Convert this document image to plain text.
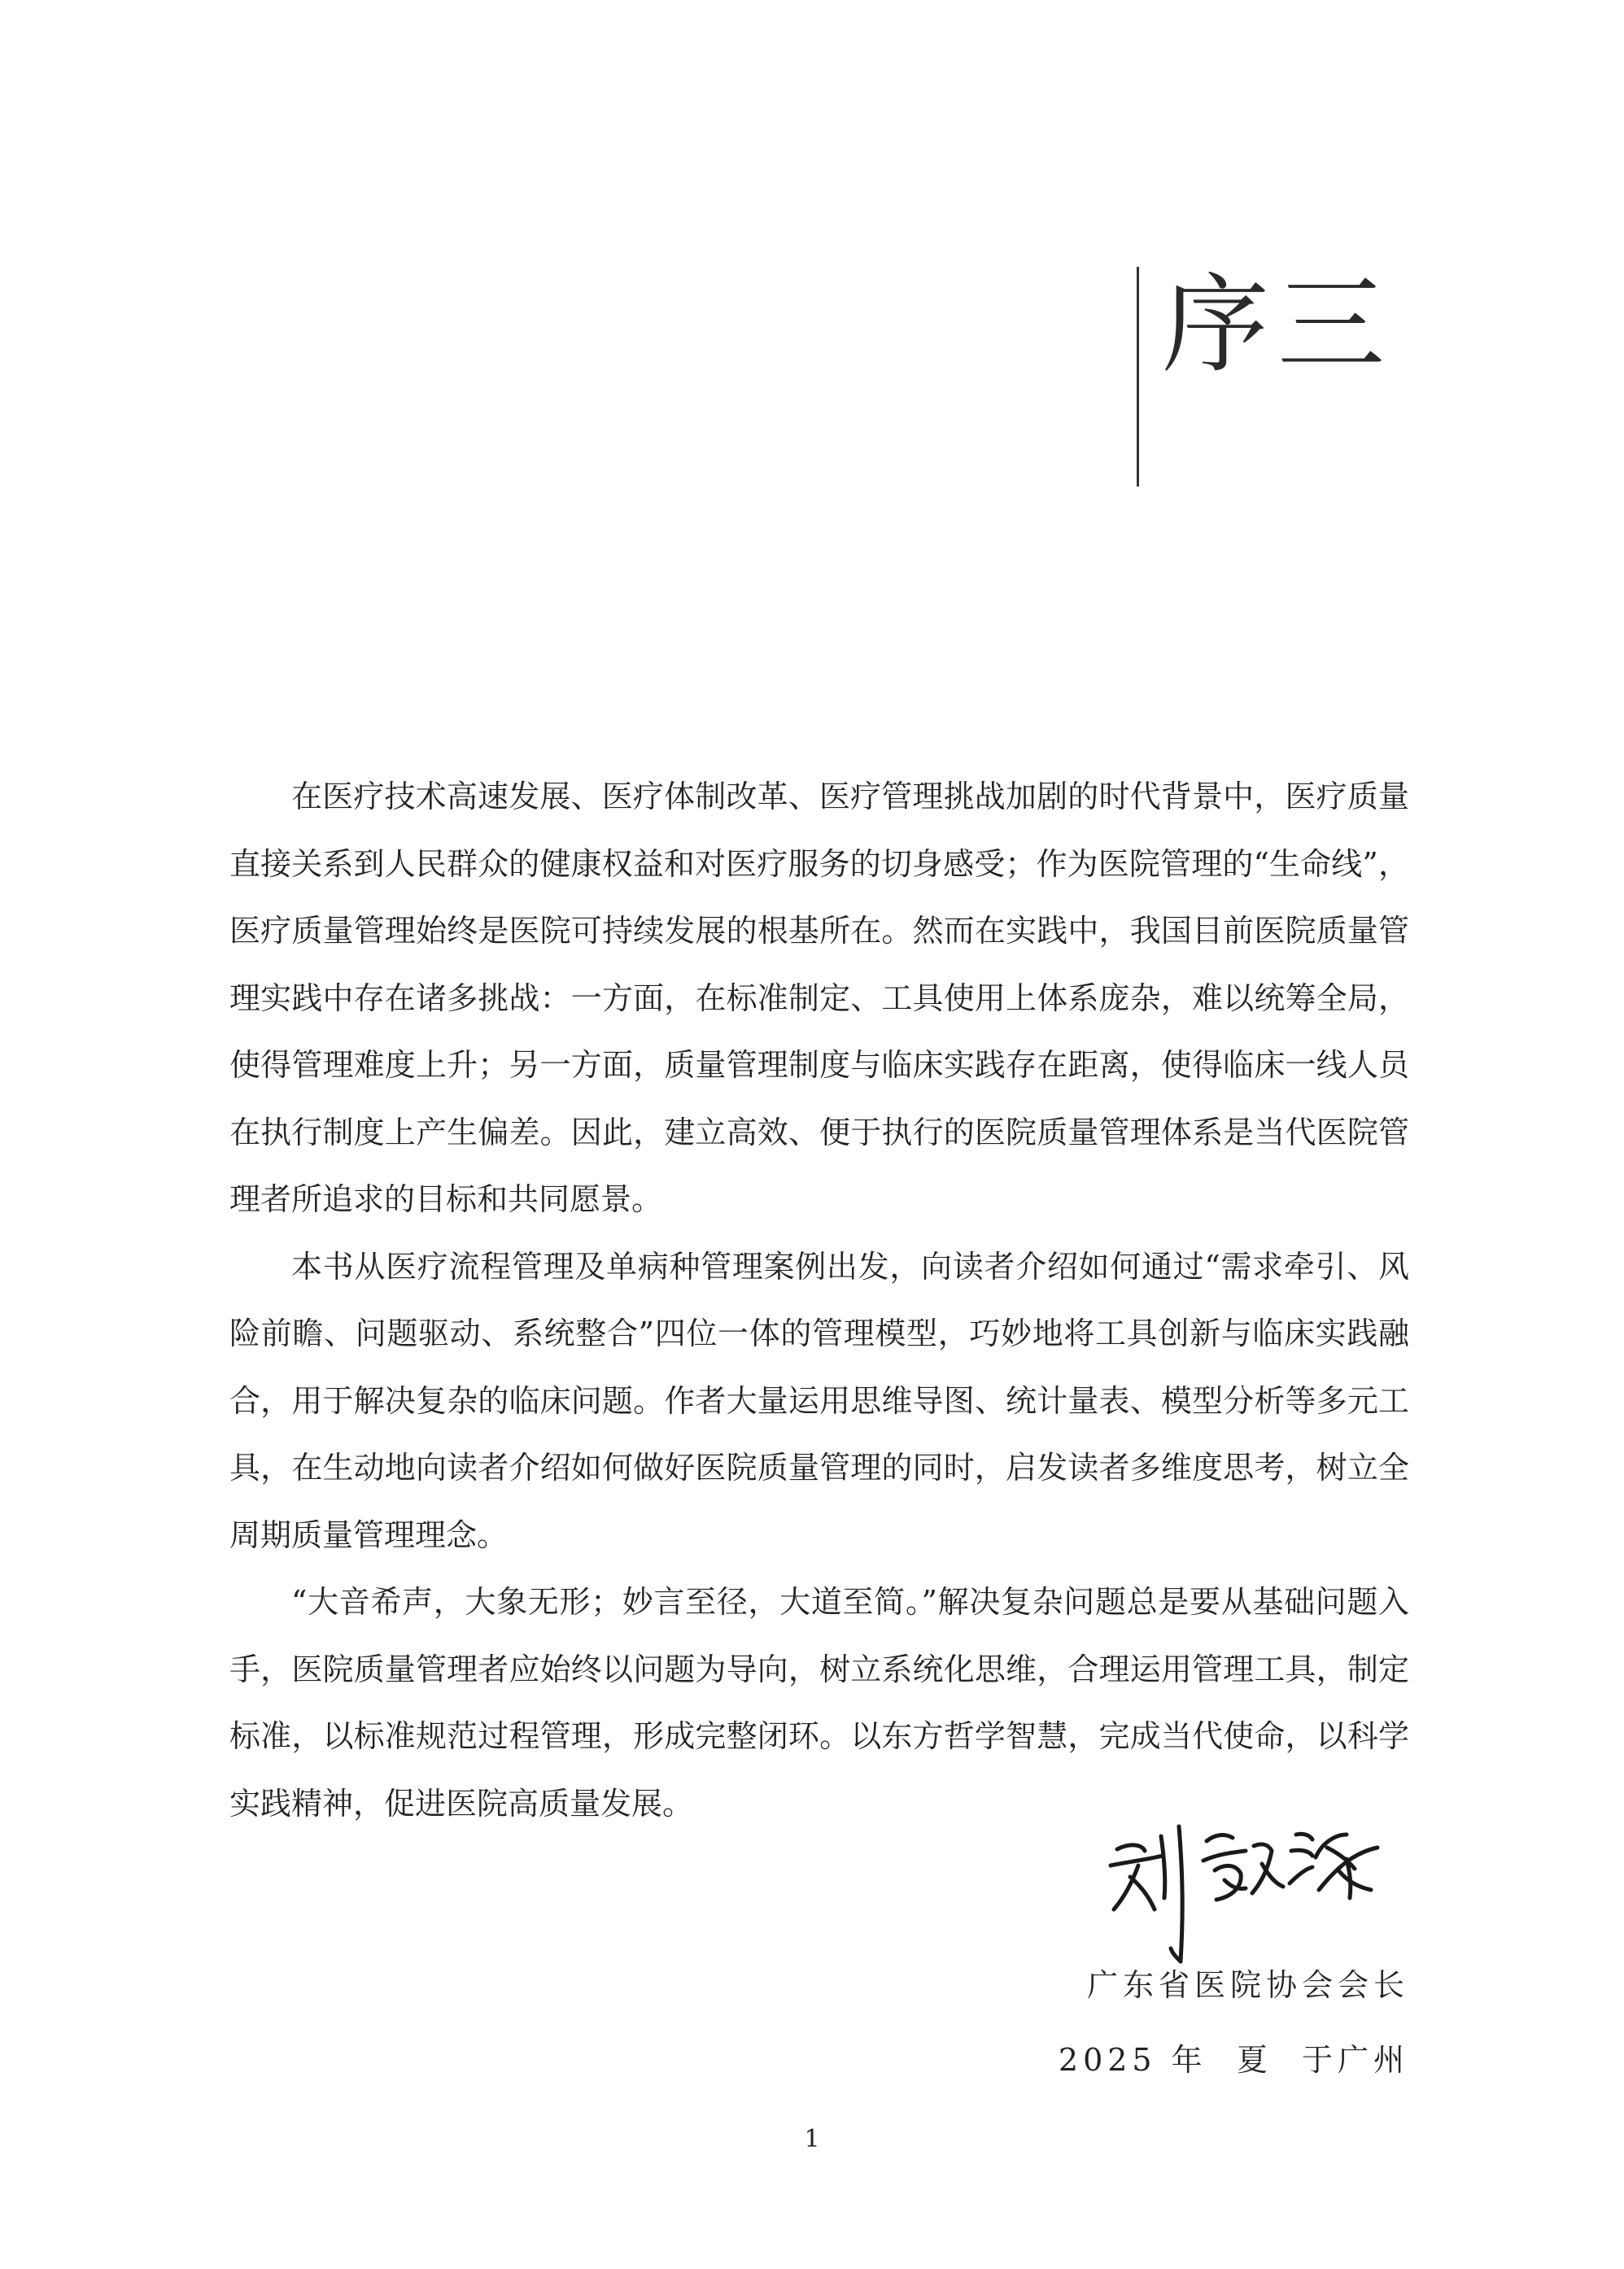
序三

在医疗技术高速发展、医疗体制改革、医疗管理挑战加剧的时代背景中，医疗质量直接关系到人民群众的健康权益和对医疗服务的切身感受；作为医院管理的“生命线”，医疗质量管理始终是医院可持续发展的根基所在。然而在实践中，我国目前医院质量管理实践中存在诸多挑战：一方面，在标准制定、工具使用上体系庞杂，难以统筹全局，使得管理难度上升；另一方面，质量管理制度与临床实践存在距离，使得临床一线人员在执行制度上产生偏差。因此，建立高效、便于执行的医院质量管理体系是当代医院管理者所追求的目标和共同愿景。

本书从医疗流程管理及单病种管理案例出发，向读者介绍如何通过“需求牵引、风险前瞻、问题驱动、系统整合”四位一体的管理模型，巧妙地将工具创新与临床实践融合，用于解决复杂的临床问题。作者大量运用思维导图、统计量表、模型分析等多元工具，在生动地向读者介绍如何做好医院质量管理的同时，启发读者多维度思考，树立全周期质量管理理念。

“大音希声，大象无形；妙言至径，大道至简。”解决复杂问题总是要从基础问题入手，医院质量管理者应始终以问题为导向，树立系统化思维，合理运用管理工具，制定标准，以标准规范过程管理，形成完整闭环。以东方哲学智慧，完成当代使命，以科学实践精神，促进医院高质量发展。

广东省医院协会会长

2025 年  夏  于广州

1
